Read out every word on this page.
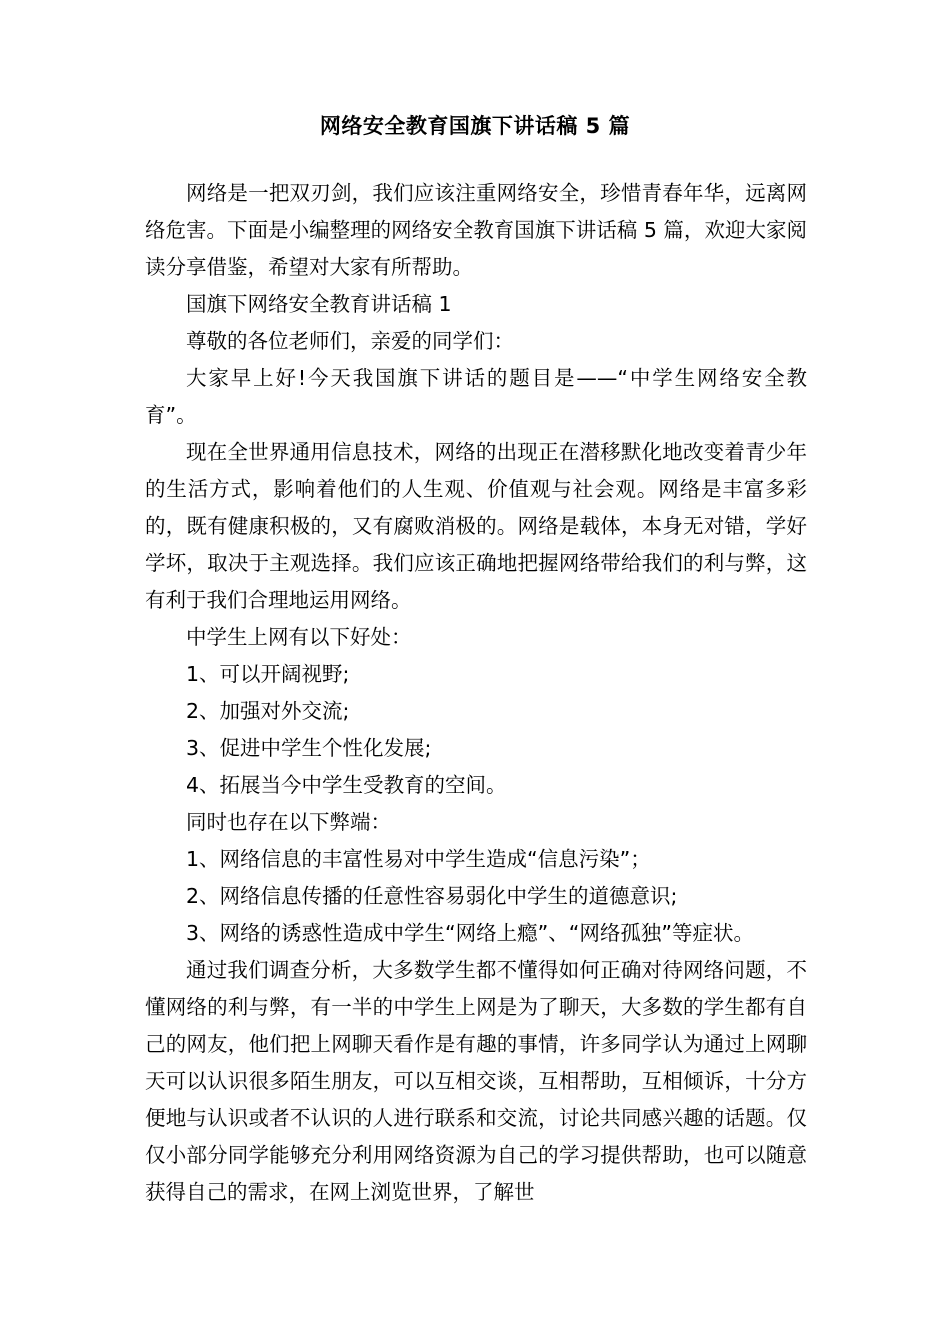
网络安全教育国旗下讲话稿 5 篇

网络是一把双刃剑，我们应该注重网络安全，珍惜青春年华，远离网络危害。下面是小编整理的网络安全教育国旗下讲话稿 5 篇，欢迎大家阅读分享借鉴，希望对大家有所帮助。

国旗下网络安全教育讲话稿 1

尊敬的各位老师们，亲爱的同学们：

大家早上好!今天我国旗下讲话的题目是——“中学生网络安全教育”。

现在全世界通用信息技术，网络的出现正在潜移默化地改变着青少年的生活方式，影响着他们的人生观、价值观与社会观。网络是丰富多彩的，既有健康积极的，又有腐败消极的。网络是载体，本身无对错，学好学坏，取决于主观选择。我们应该正确地把握网络带给我们的利与弊，这有利于我们合理地运用网络。

中学生上网有以下好处：

1、可以开阔视野;

2、加强对外交流;

3、促进中学生个性化发展;

4、拓展当今中学生受教育的空间。

同时也存在以下弊端：

1、网络信息的丰富性易对中学生造成“信息污染”；

2、网络信息传播的任意性容易弱化中学生的道德意识;

3、网络的诱惑性造成中学生“网络上瘾”、“网络孤独”等症状。

通过我们调查分析，大多数学生都不懂得如何正确对待网络问题，不懂网络的利与弊，有一半的中学生上网是为了聊天，大多数的学生都有自己的网友，他们把上网聊天看作是有趣的事情，许多同学认为通过上网聊天可以认识很多陌生朋友，可以互相交谈，互相帮助，互相倾诉，十分方便地与认识或者不认识的人进行联系和交流，讨论共同感兴趣的话题。仅仅小部分同学能够充分利用网络资源为自己的学习提供帮助，也可以随意获得自己的需求，在网上浏览世界，了解世
